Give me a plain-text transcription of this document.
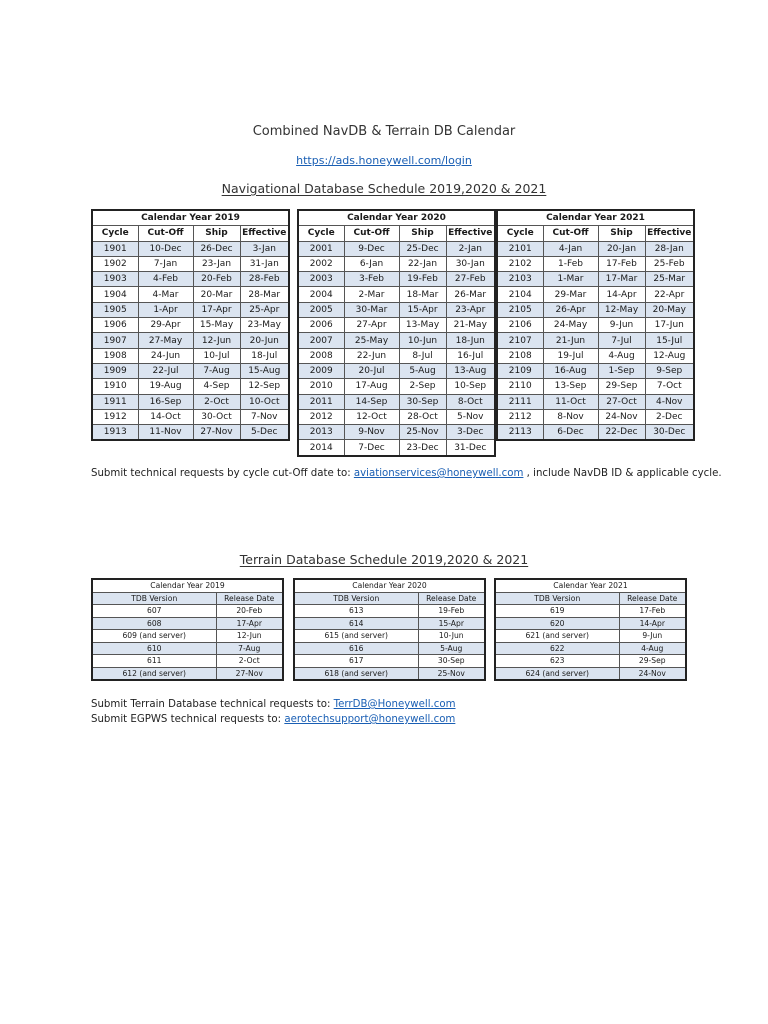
Combined NavDB & Terrain DB Calendar
https://ads.honeywell.com/login
Navigational Database Schedule 2019,2020 & 2021
Calendar Year 2019			
Cycle	Cut-Off	Ship	Effective
1901	10-Dec	26-Dec	3-Jan
1902	7-Jan	23-Jan	31-Jan
1903	4-Feb	20-Feb	28-Feb
1904	4-Mar	20-Mar	28-Mar
1905	1-Apr	17-Apr	25-Apr
1906	29-Apr	15-May	23-May
1907	27-May	12-Jun	20-Jun
1908	24-Jun	10-Jul	18-Jul
1909	22-Jul	7-Aug	15-Aug
1910	19-Aug	4-Sep	12-Sep
1911	16-Sep	2-Oct	10-Oct
1912	14-Oct	30-Oct	7-Nov
1913	11-Nov	27-Nov	5-Dec
Calendar Year 2020			
Cycle	Cut-Off	Ship	Effective
2001	9-Dec	25-Dec	2-Jan
2002	6-Jan	22-Jan	30-Jan
2003	3-Feb	19-Feb	27-Feb
2004	2-Mar	18-Mar	26-Mar
2005	30-Mar	15-Apr	23-Apr
2006	27-Apr	13-May	21-May
2007	25-May	10-Jun	18-Jun
2008	22-Jun	8-Jul	16-Jul
2009	20-Jul	5-Aug	13-Aug
2010	17-Aug	2-Sep	10-Sep
2011	14-Sep	30-Sep	8-Oct
2012	12-Oct	28-Oct	5-Nov
2013	9-Nov	25-Nov	3-Dec
2014	7-Dec	23-Dec	31-Dec
Calendar Year 2021			
Cycle	Cut-Off	Ship	Effective
2101	4-Jan	20-Jan	28-Jan
2102	1-Feb	17-Feb	25-Feb
2103	1-Mar	17-Mar	25-Mar
2104	29-Mar	14-Apr	22-Apr
2105	26-Apr	12-May	20-May
2106	24-May	9-Jun	17-Jun
2107	21-Jun	7-Jul	15-Jul
2108	19-Jul	4-Aug	12-Aug
2109	16-Aug	1-Sep	9-Sep
2110	13-Sep	29-Sep	7-Oct
2111	11-Oct	27-Oct	4-Nov
2112	8-Nov	24-Nov	2-Dec
2113	6-Dec	22-Dec	30-Dec
Submit technical requests by cycle cut-Off date to: aviationservices@honeywell.com , include NavDB ID & applicable cycle.
Terrain Database Schedule 2019,2020 & 2021
Calendar Year 2019	
TDB Version	Release Date
607	20-Feb
608	17-Apr
609 (and server)	12-Jun
610	7-Aug
611	2-Oct
612 (and server)	27-Nov
Calendar Year 2020	
TDB Version	Release Date
613	19-Feb
614	15-Apr
615 (and server)	10-Jun
616	5-Aug
617	30-Sep
618 (and server)	25-Nov
Calendar Year 2021	
TDB Version	Release Date
619	17-Feb
620	14-Apr
621 (and server)	9-Jun
622	4-Aug
623	29-Sep
624 (and server)	24-Nov
Submit Terrain Database technical requests to: TerrDB@Honeywell.com
Submit EGPWS technical requests to: aerotechsupport@honeywell.com
